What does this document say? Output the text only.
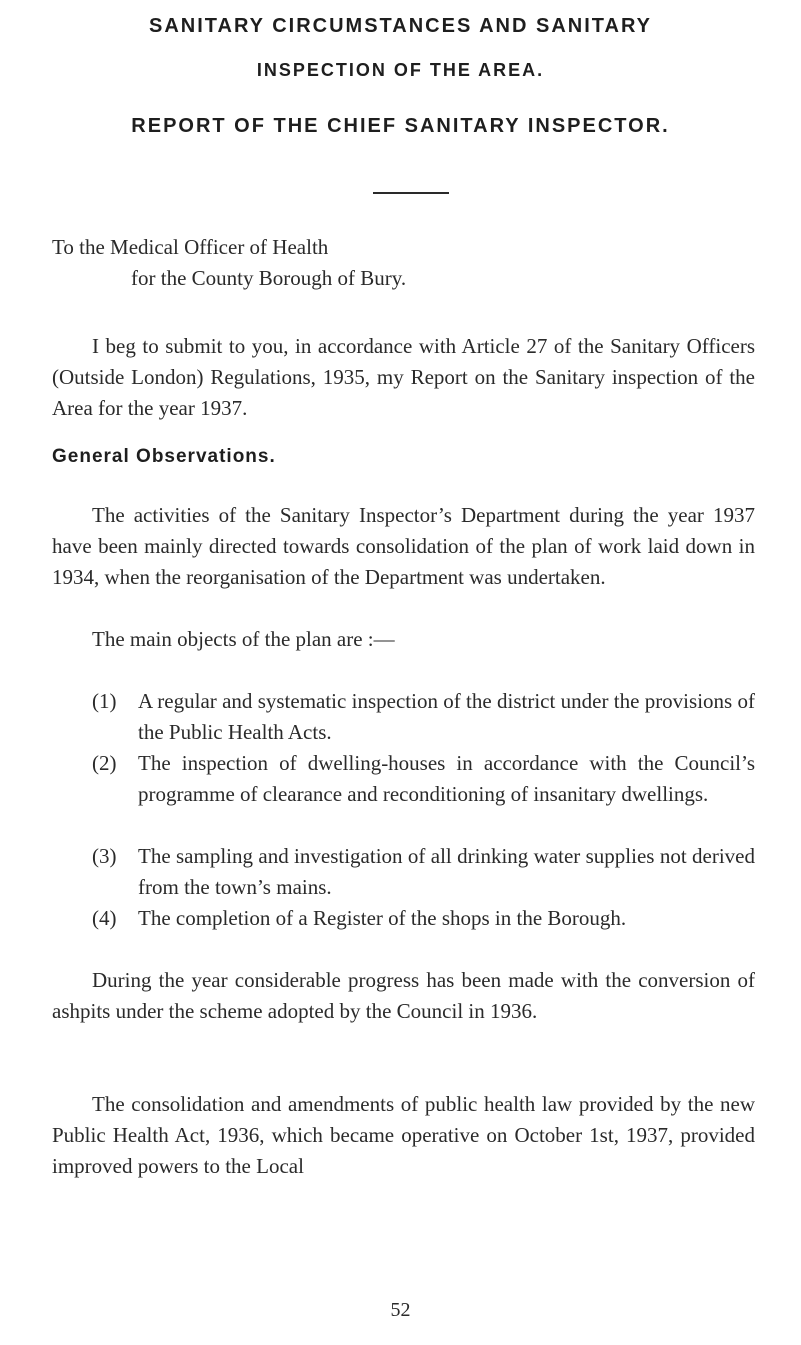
SANITARY CIRCUMSTANCES AND SANITARY
INSPECTION OF THE AREA.
REPORT OF THE CHIEF SANITARY INSPECTOR.
To the Medical Officer of Health
for the County Borough of Bury.
I beg to submit to you, in accordance with Article 27 of the Sanitary Officers (Outside London) Regulations, 1935, my Report on the Sanitary inspection of the Area for the year 1937.
General Observations.
The activities of the Sanitary Inspector’s Department during the year 1937 have been mainly directed towards consolidation of the plan of work laid down in 1934, when the reorganisation of the Department was undertaken.
The main objects of the plan are :—
(1) A regular and systematic inspection of the district under the provisions of the Public Health Acts.
(2) The inspection of dwelling-houses in accordance with the Council’s programme of clearance and reconditioning of insanitary dwellings.
(3) The sampling and investigation of all drinking water supplies not derived from the town’s mains.
(4) The completion of a Register of the shops in the Borough.
During the year considerable progress has been made with the conversion of ashpits under the scheme adopted by the Council in 1936.
The consolidation and amendments of public health law provided by the new Public Health Act, 1936, which became operative on October 1st, 1937, provided improved powers to the Local
52
